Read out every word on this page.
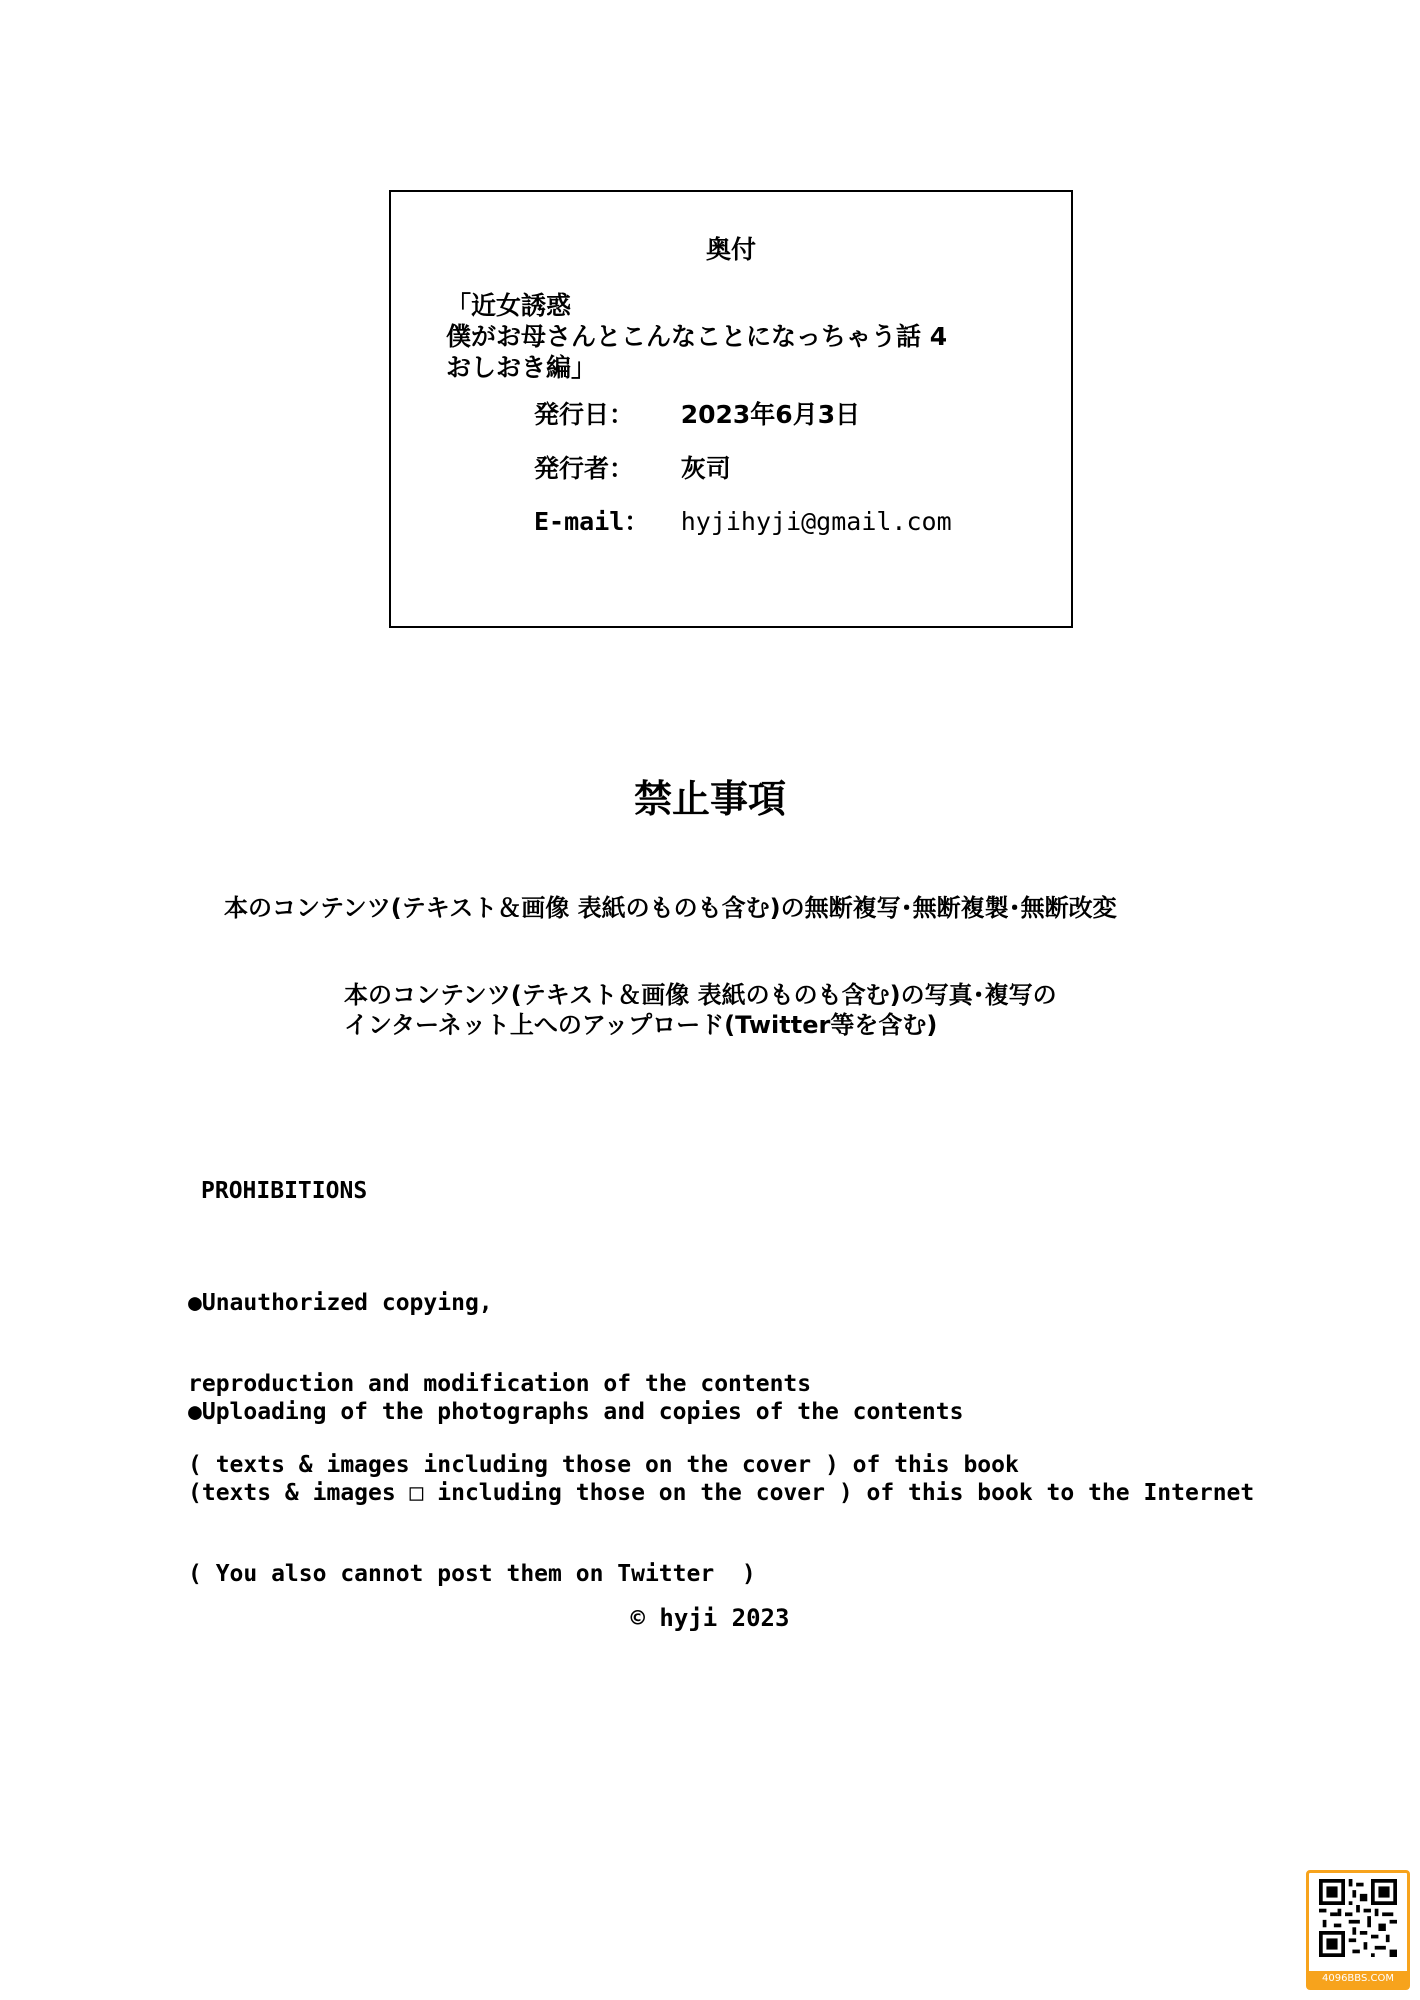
奥付
「近女誘惑
僕がお母さんとこんなことになっちゃう話 4
おしおき編」
発行日： 2023年6月3日
発行者： 灰司
E-mail： hyjihyji@gmail.com
禁止事項
本のコンテンツ(テキスト＆画像 表紙のものも含む)の無断複写･無断複製･無断改変
本のコンテンツ(テキスト＆画像 表紙のものも含む)の写真･複写の
インターネット上へのアップロード(Twitter等を含む)
PROHIBITIONS

●Unauthorized copying,

reproduction and modification of the contents

( texts & images including those on the cover ) of this book

●Uploading of the photographs and copies of the contents

(texts & images □ including those on the cover ) of this book to the Internet

( You also cannot post them on Twitter  )

© hyji 2023
4096BBS.COM
